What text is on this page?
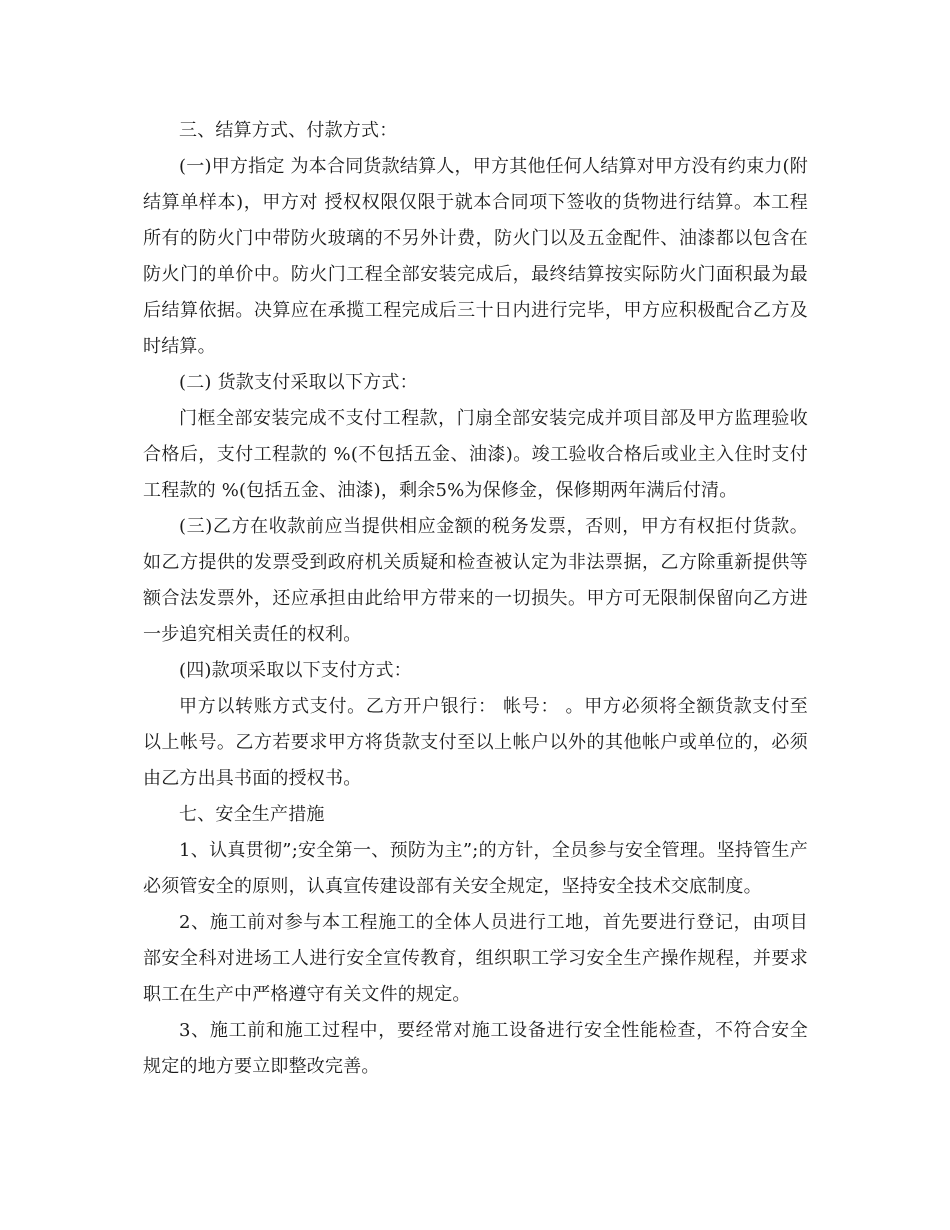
三、结算方式、付款方式：

(一)甲方指定 为本合同货款结算人，甲方其他任何人结算对甲方没有约束力(附结算单样本)，甲方对 授权权限仅限于就本合同项下签收的货物进行结算。本工程所有的防火门中带防火玻璃的不另外计费，防火门以及五金配件、油漆都以包含在防火门的单价中。防火门工程全部安装完成后，最终结算按实际防火门面积最为最后结算依据。决算应在承揽工程完成后三十日内进行完毕，甲方应积极配合乙方及时结算。

(二) 货款支付采取以下方式：

门框全部安装完成不支付工程款，门扇全部安装完成并项目部及甲方监理验收合格后，支付工程款的 %(不包括五金、油漆)。竣工验收合格后或业主入住时支付工程款的 %(包括五金、油漆)，剩余5%为保修金，保修期两年满后付清。

(三)乙方在收款前应当提供相应金额的税务发票，否则，甲方有权拒付货款。如乙方提供的发票受到政府机关质疑和检查被认定为非法票据，乙方除重新提供等额合法发票外，还应承担由此给甲方带来的一切损失。甲方可无限制保留向乙方进一步追究相关责任的权利。

(四)款项采取以下支付方式：

甲方以转账方式支付。乙方开户银行： 帐号： 。甲方必须将全额货款支付至以上帐号。乙方若要求甲方将货款支付至以上帐户以外的其他帐户或单位的，必须由乙方出具书面的授权书。

七、安全生产措施

1、认真贯彻”;安全第一、预防为主”;的方针，全员参与安全管理。坚持管生产必须管安全的原则，认真宣传建设部有关安全规定，坚持安全技术交底制度。

2、施工前对参与本工程施工的全体人员进行工地，首先要进行登记，由项目部安全科对进场工人进行安全宣传教育，组织职工学习安全生产操作规程，并要求职工在生产中严格遵守有关文件的规定。

3、施工前和施工过程中，要经常对施工设备进行安全性能检查，不符合安全规定的地方要立即整改完善。
